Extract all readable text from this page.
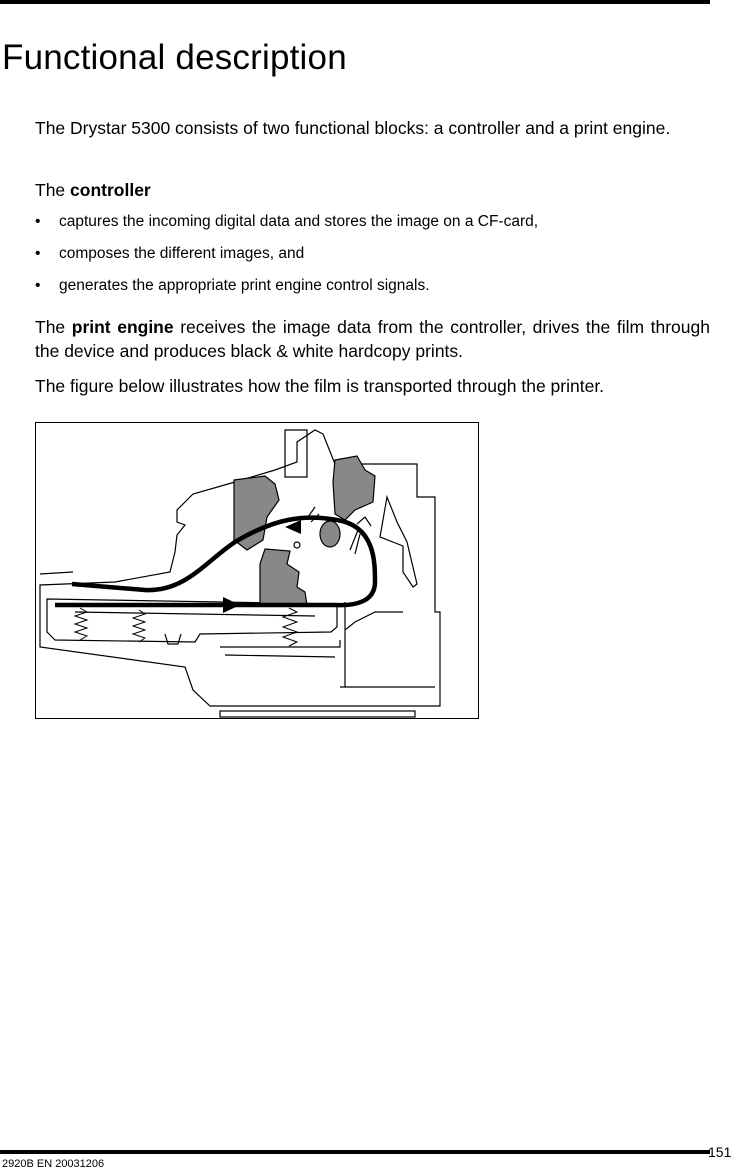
Functional description

The Drystar 5300 consists of two functional blocks: a controller and a print engine.

The controller

• captures the incoming digital data and stores the image on a CF-card,
• composes the different images, and
• generates the appropriate print engine control signals.

The print engine receives the image data from the controller, drives the film through the device and produces black & white hardcopy prints.

The figure below illustrates how the film is transported through the printer.

151
2920B EN 20031206
